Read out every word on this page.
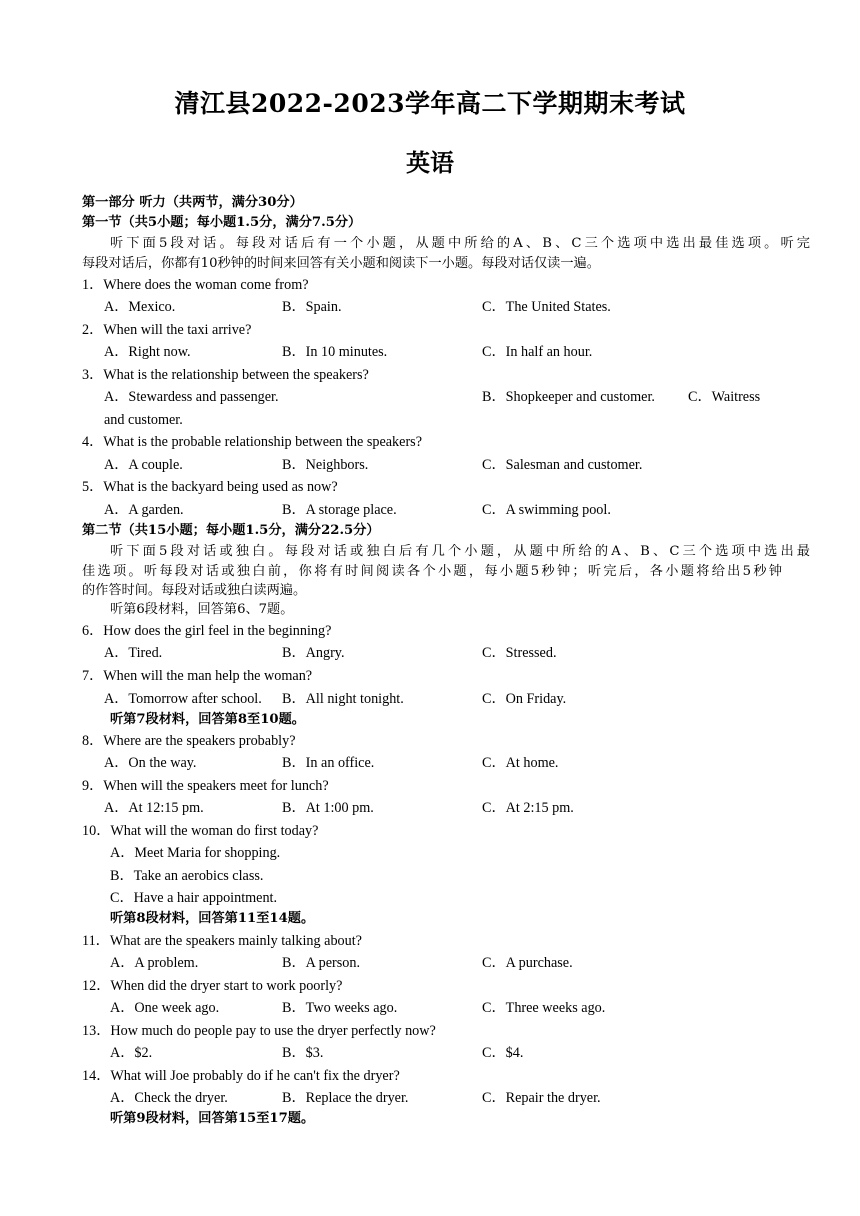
清江县2022-2023学年高二下学期期末考试
英语
第一部分 听力（共两节，满分30分）
第一节（共5小题；每小题1.5分，满分7.5分）
听下面5段对话。每段对话后有一个小题，从题中所给的A、B、C三个选项中选出最佳选项。听完
每段对话后，你都有10秒钟的时间来回答有关小题和阅读下一小题。每段对话仅读一遍。
1．Where does the woman come from?
A．Mexico.	B．Spain.	C．The United States.
2．When will the taxi arrive?
A．Right now.	B．In 10 minutes.	C．In half an hour.
3．What is the relationship between the speakers?
A．Stewardess and passenger.	B．Shopkeeper and customer. C．Waitress
and customer.
4．What is the probable relationship between the speakers?
A．A couple.	B．Neighbors.	C．Salesman and customer.
5．What is the backyard being used as now?
A．A garden.	B．A storage place.	C．A swimming pool.
第二节（共15小题；每小题1.5分，满分22.5分）
听下面5段对话或独白。每段对话或独白后有几个小题，从题中所给的A、B、C三个选项中选出最
佳选项。听每段对话或独白前，你将有时间阅读各个小题，每小题5秒钟；听完后，各小题将给出5秒钟
的作答时间。每段对话或独白读两遍。
听第6段材料，回答第6、7题。
6．How does the girl feel in the beginning?
A．Tired.	B．Angry.	C．Stressed.
7．When will the man help the woman?
A．Tomorrow after school. B．All night tonight.	C．On Friday.
听第7段材料，回答第8至10题。
8．Where are the speakers probably?
A．On the way.	B．In an office.	C．At home.
9．When will the speakers meet for lunch?
A．At 12:15 pm.	B．At 1:00 pm.	C．At 2:15 pm.
10．What will the woman do first today?
A．Meet Maria for shopping.
B．Take an aerobics class.
C．Have a hair appointment.
听第8段材料，回答第11至14题。
11．What are the speakers mainly talking about?
A．A problem.	B．A person.	C．A purchase.
12．When did the dryer start to work poorly?
A．One week ago.	B．Two weeks ago.	C．Three weeks ago.
13．How much do people pay to use the dryer perfectly now?
A．$2.	B．$3.	C．$4.
14．What will Joe probably do if he can't fix the dryer?
A．Check the dryer.	B．Replace the dryer.	C．Repair the dryer.
听第9段材料，回答第15至17题。
